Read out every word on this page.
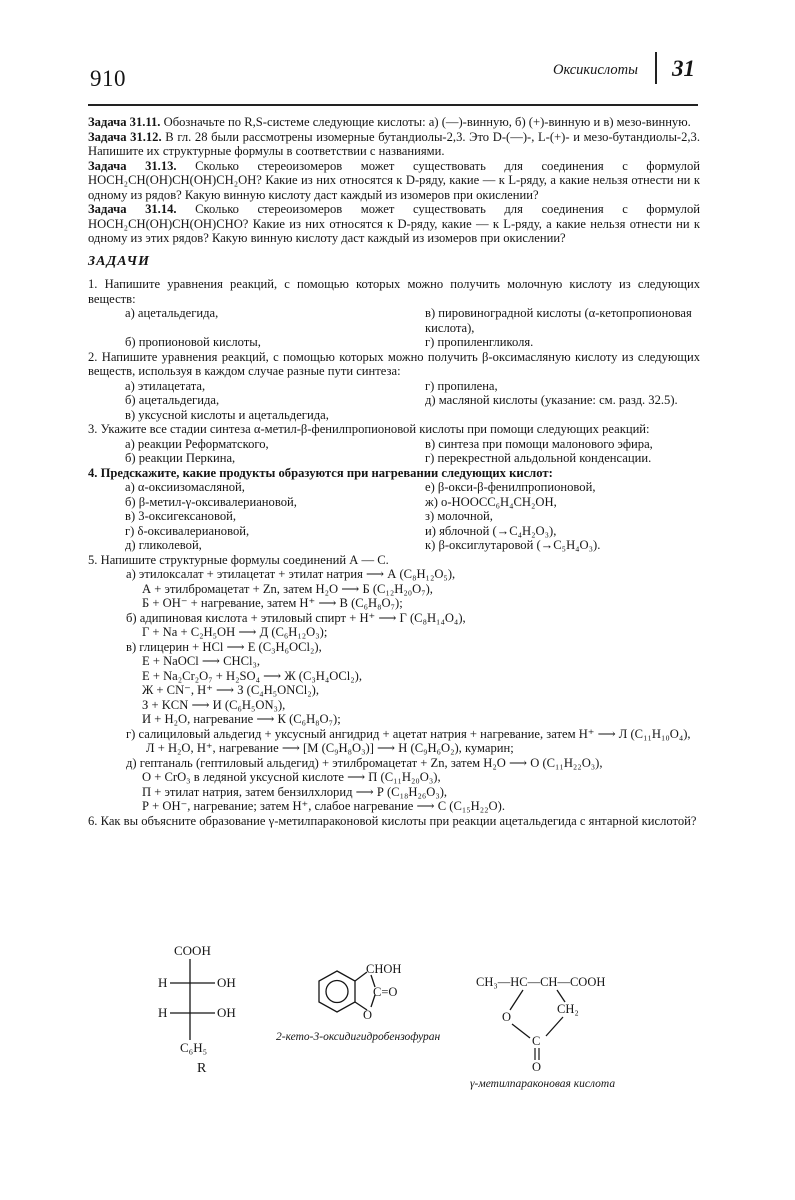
910	Оксикислоты 31

Задача 31.11. Обозначьте по R,S-системе следующие кислоты: а) (—)-винную, б) (+)-винную и в) мезо-винную.

Задача 31.12. В гл. 28 были рассмотрены изомерные бутандиолы-2,3. Это D-(—)-, L-(+)- и мезо-бутандиолы-2,3. Напишите их структурные формулы в соответствии с названиями.

Задача 31.13. Сколько стереоизомеров может существовать для соединения с формулой HOCH₂CH(OH)CH(OH)CH₂OH? Какие из них относятся к D-ряду, какие — к L-ряду, а какие нельзя отнести ни к одному из рядов? Какую винную кислоту даст каждый из изомеров при окислении?

Задача 31.14. Сколько стереоизомеров может существовать для соединения с формулой HOCH₂CH(OH)CH(OH)CHO? Какие из них относятся к D-ряду, какие — к L-ряду, а какие нельзя отнести ни к одному из этих рядов? Какую винную кислоту даст каждый из изомеров при окислении?

ЗАДАЧИ

1. Напишите уравнения реакций, с помощью которых можно получить молочную кислоту из следующих веществ:

а) ацетальдегида,	в) пировиноградной кислоты (α-кетопропионовая кислота),
б) пропионовой кислоты,	г) пропиленгликоля.

2. Напишите уравнения реакций, с помощью которых можно получить β-оксимасляную кислоту из следующих веществ, используя в каждом случае разные пути синтеза:

а) этилацетата,	г) пропилена,
б) ацетальдегида,	д) масляной кислоты (указание: см. разд. 32.5).
в) уксусной кислоты и ацетальдегида,

3. Укажите все стадии синтеза α-метил-β-фенилпропионовой кислоты при помощи следующих реакций:

а) реакции Реформатского,	в) синтеза при помощи малонового эфира,
б) реакции Перкина,	г) перекрестной альдольной конденсации.

4. Предскажите, какие продукты образуются при нагревании следующих кислот:

а) α-оксиизомасляной,	е) β-окси-β-фенилпропионовой,
б) β-метил-γ-оксивалериановой,	ж) o-HOOCC₆H₄CH₂OH,
в) 3-оксигексановой,	з) молочной,
г) δ-оксивалериановой,	и) яблочной (→C₄H₂O₃),
д) гликолевой,	к) β-оксиглутаровой (→C₅H₄O₃).

5. Напишите структурные формулы соединений А — С.

а) этилоксалат + этилацетат + этилат натрия ⟶ А (C₈H₁₂O₅),
А + этилбромацетат + Zn, затем H₂O ⟶ Б (C₁₂H₂₀O₇),
Б + OH⁻ + нагревание, затем H⁺ ⟶ В (C₆H₈O₇);
б) адипиновая кислота + этиловый спирт + H⁺ ⟶ Г (C₈H₁₄O₄),
Г + Na + C₂H₅OH ⟶ Д (C₆H₁₂O₃);
в) глицерин + HCl ⟶ Е (C₃H₆OCl₂),
E + NaOCl ⟶ CHCl₃,
E + Na₂Cr₂O₇ + H₂SO₄ ⟶ Ж (C₃H₄OCl₂),
Ж + CN⁻, H⁺ ⟶ З (C₄H₅ONCl₂),
З + KCN ⟶ И (C₆H₅ON₃),
И + H₂O, нагревание ⟶ К (C₆H₈O₇);
г) салициловый альдегид + уксусный ангидрид + ацетат натрия + нагревание, затем H⁺ ⟶ Л (C₁₁H₁₀O₄),
Л + H₂O, H⁺, нагревание ⟶ [М (C₉H₈O₃)] ⟶ Н (C₉H₆O₂), кумарин;
д) гептаналь (гептиловый альдегид) + этилбромацетат + Zn, затем H₂O ⟶ О (C₁₁H₂₂O₃),
O + CrO₃ в ледяной уксусной кислоте ⟶ П (C₁₁H₂₀O₃),
П + этилат натрия, затем бензилхлорид ⟶ Р (C₁₈H₂₆O₃),
Р + OH⁻, нагревание; затем H⁺, слабое нагревание ⟶ С (C₁₅H₂₂O).

6. Как вы объясните образование γ-метилпараконовой кислоты при реакции ацетальдегида с янтарной кислотой?

COOH
H	OH
H	OH
C₆H₅
R
CHOH
C=O
O
2-кето-3-оксидигидробензофуран
CH₃—HC—CH—COOH
O
CH₂
C
O
γ-метилпараконовая кислота
